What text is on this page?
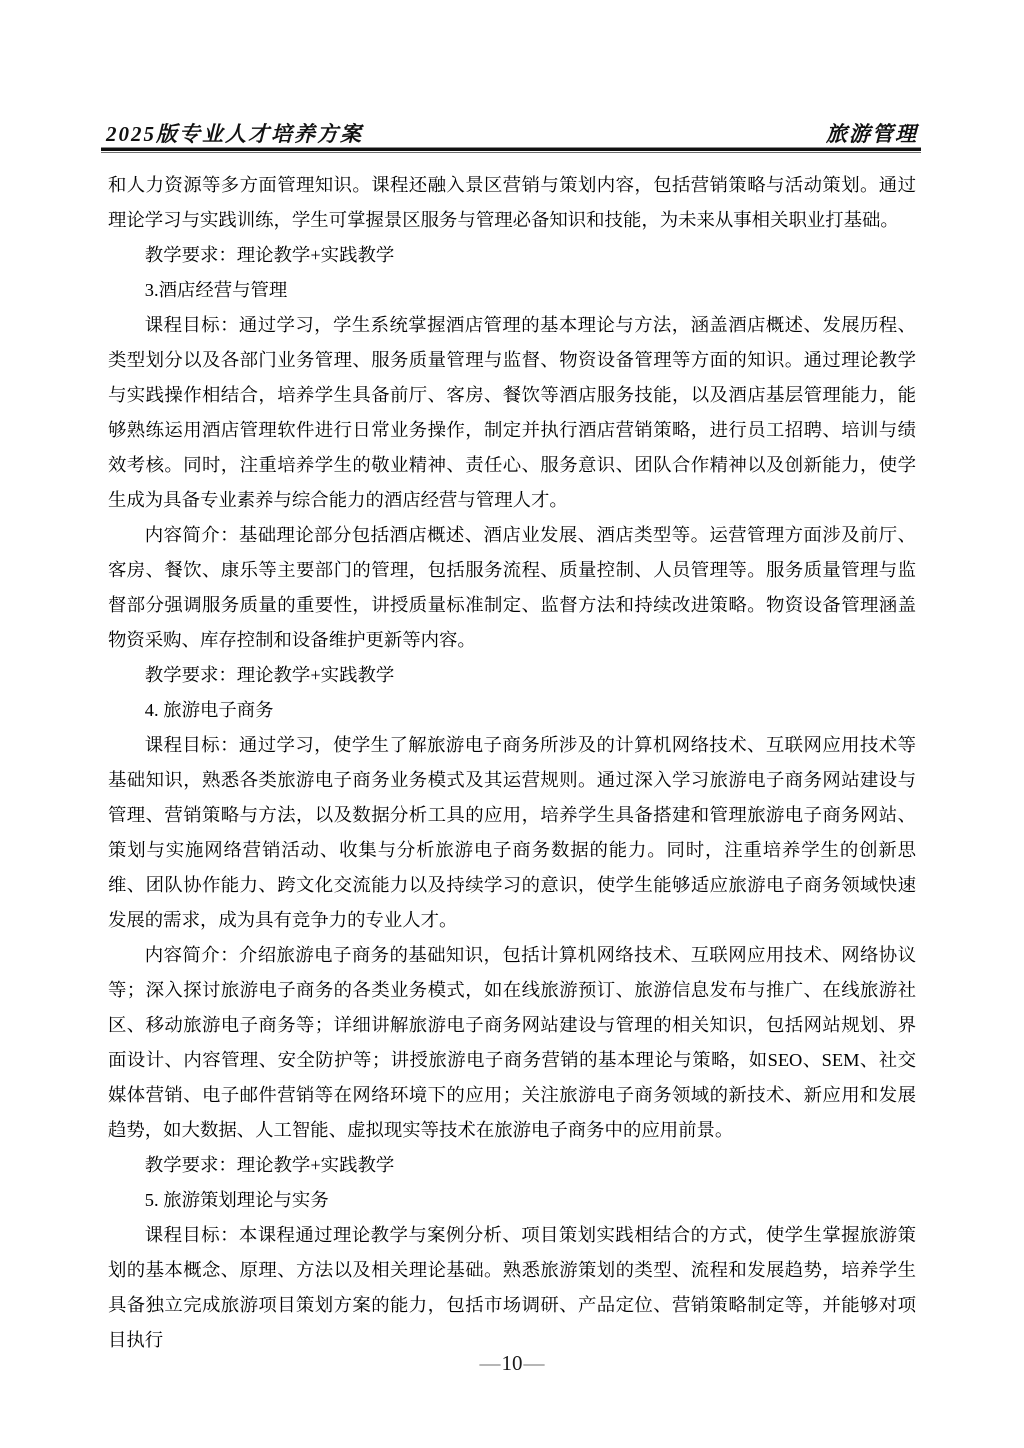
2025版专业人才培养方案	旅游管理

和人力资源等多方面管理知识。课程还融入景区营销与策划内容，包括营销策略与活动策划。通过理论学习与实践训练，学生可掌握景区服务与管理必备知识和技能，为未来从事相关职业打基础。

教学要求：理论教学+实践教学

3.酒店经营与管理

课程目标：通过学习，学生系统掌握酒店管理的基本理论与方法，涵盖酒店概述、发展历程、类型划分以及各部门业务管理、服务质量管理与监督、物资设备管理等方面的知识。通过理论教学与实践操作相结合，培养学生具备前厅、客房、餐饮等酒店服务技能，以及酒店基层管理能力，能够熟练运用酒店管理软件进行日常业务操作，制定并执行酒店营销策略，进行员工招聘、培训与绩效考核。同时，注重培养学生的敬业精神、责任心、服务意识、团队合作精神以及创新能力，使学生成为具备专业素养与综合能力的酒店经营与管理人才。

内容简介：基础理论部分包括酒店概述、酒店业发展、酒店类型等。运营管理方面涉及前厅、客房、餐饮、康乐等主要部门的管理，包括服务流程、质量控制、人员管理等。服务质量管理与监督部分强调服务质量的重要性，讲授质量标准制定、监督方法和持续改进策略。物资设备管理涵盖物资采购、库存控制和设备维护更新等内容。

教学要求：理论教学+实践教学

4. 旅游电子商务

课程目标：通过学习，使学生了解旅游电子商务所涉及的计算机网络技术、互联网应用技术等基础知识，熟悉各类旅游电子商务业务模式及其运营规则。通过深入学习旅游电子商务网站建设与管理、营销策略与方法，以及数据分析工具的应用，培养学生具备搭建和管理旅游电子商务网站、策划与实施网络营销活动、收集与分析旅游电子商务数据的能力。同时，注重培养学生的创新思维、团队协作能力、跨文化交流能力以及持续学习的意识，使学生能够适应旅游电子商务领域快速发展的需求，成为具有竞争力的专业人才。

内容简介：介绍旅游电子商务的基础知识，包括计算机网络技术、互联网应用技术、网络协议等；深入探讨旅游电子商务的各类业务模式，如在线旅游预订、旅游信息发布与推广、在线旅游社区、移动旅游电子商务等；详细讲解旅游电子商务网站建设与管理的相关知识，包括网站规划、界面设计、内容管理、安全防护等；讲授旅游电子商务营销的基本理论与策略，如SEO、SEM、社交媒体营销、电子邮件营销等在网络环境下的应用；关注旅游电子商务领域的新技术、新应用和发展趋势，如大数据、人工智能、虚拟现实等技术在旅游电子商务中的应用前景。

教学要求：理论教学+实践教学

5. 旅游策划理论与实务

课程目标：本课程通过理论教学与案例分析、项目策划实践相结合的方式，使学生掌握旅游策划的基本概念、原理、方法以及相关理论基础。熟悉旅游策划的类型、流程和发展趋势，培养学生具备独立完成旅游项目策划方案的能力，包括市场调研、产品定位、营销策略制定等，并能够对项目执行

—10—
